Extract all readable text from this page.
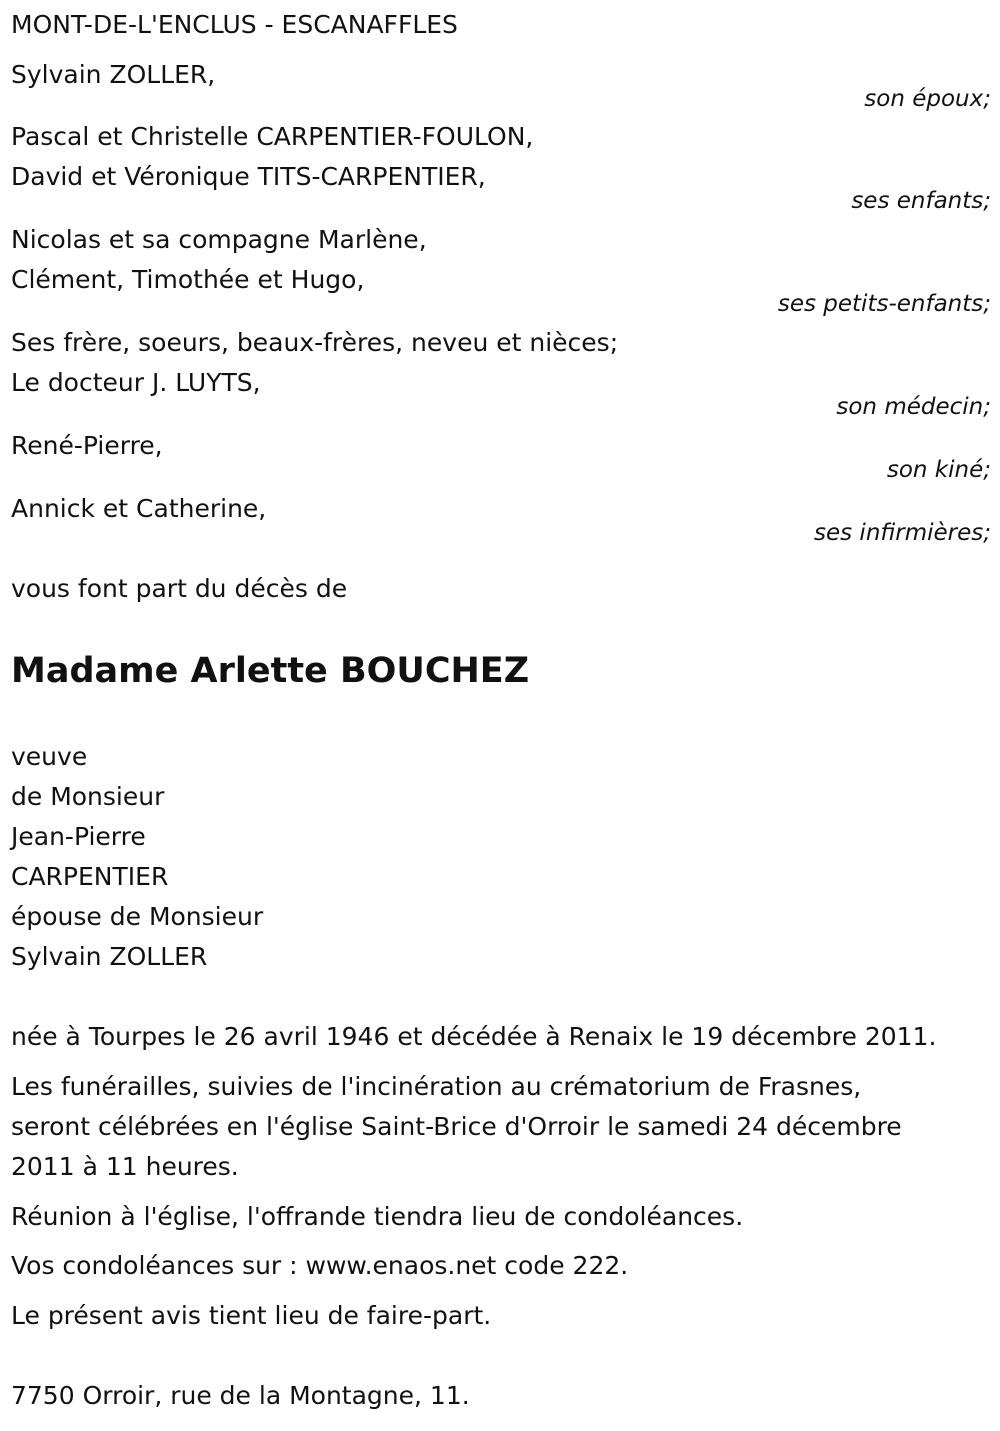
MONT-DE-L'ENCLUS - ESCANAFFLES
Sylvain ZOLLER,
son époux;
Pascal et Christelle CARPENTIER-FOULON,
David et Véronique TITS-CARPENTIER,
ses enfants;
Nicolas et sa compagne Marlène,
Clément, Timothée et Hugo,
ses petits-enfants;
Ses frère, soeurs, beaux-frères, neveu et nièces;
Le docteur J. LUYTS,
son médecin;
René-Pierre,
son kiné;
Annick et Catherine,
ses infirmières;
vous font part du décès de
Madame Arlette BOUCHEZ
veuve
de Monsieur
Jean-Pierre
CARPENTIER
épouse de Monsieur
Sylvain ZOLLER
née à Tourpes le 26 avril 1946 et décédée à Renaix le 19 décembre 2011.
Les funérailles, suivies de l'incinération au crématorium de Frasnes,
seront célébrées en l'église Saint-Brice d'Orroir le samedi 24 décembre
2011 à 11 heures.
Réunion à l'église, l'offrande tiendra lieu de condoléances.
Vos condoléances sur : www.enaos.net code 222.
Le présent avis tient lieu de faire-part.
7750 Orroir, rue de la Montagne, 11.
